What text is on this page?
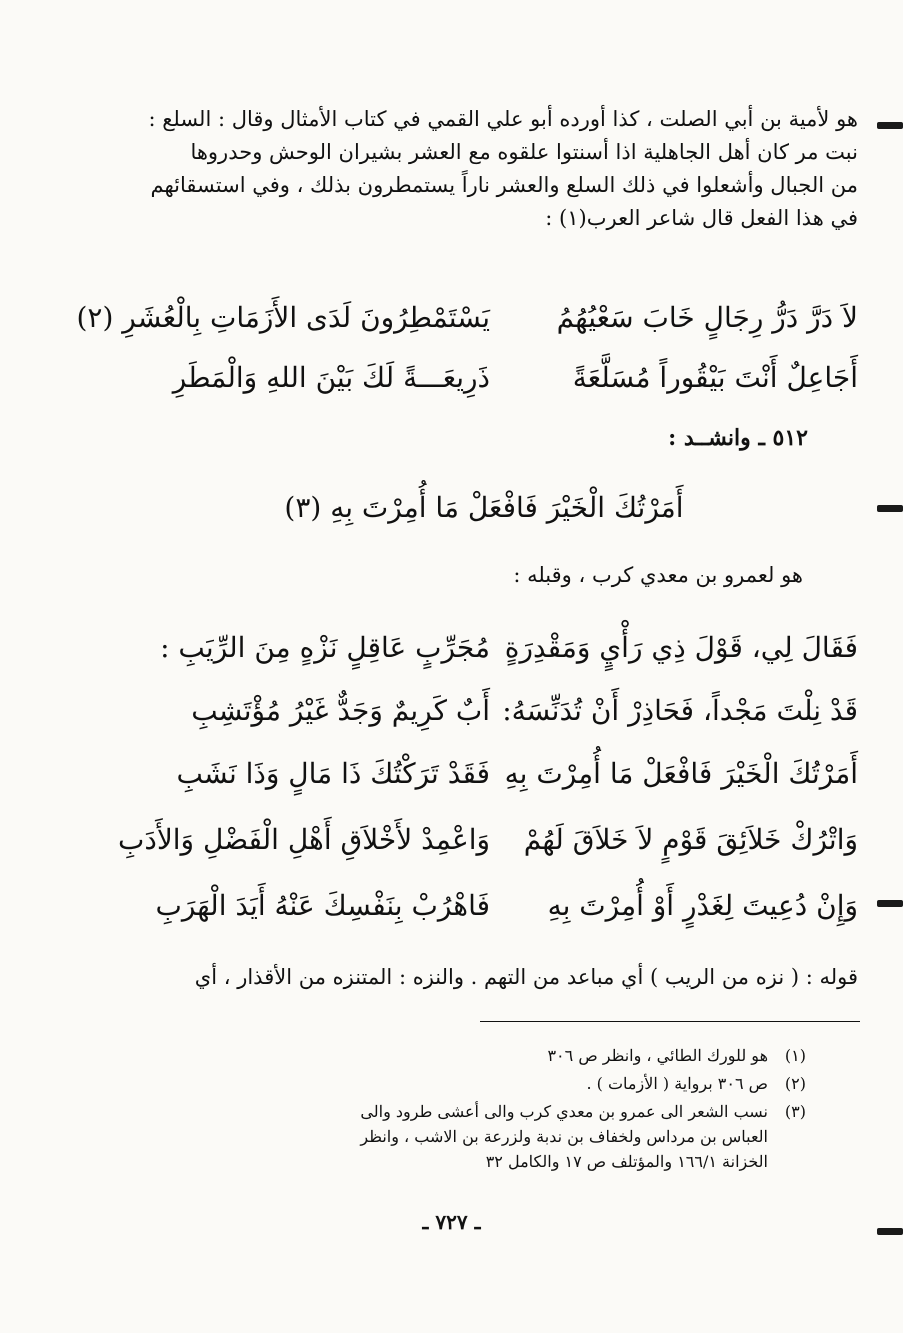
هو لأمية بن أبي الصلت ، كذا أورده أبو علي القمي في كتاب الأمثال وقال : السلع :
نبت مر كان أهل الجاهلية اذا أسنتوا علقوه مع العشر بشيران الوحش وحدروها
من الجبال وأشعلوا في ذلك السلع والعشر ناراً يستمطرون بذلك ، وفي استسقائهم
في هذا الفعل قال شاعر العرب(١) :
لاَ دَرَّ دَرُّ رِجَالٍ خَابَ سَعْيُهُمُ
يَسْتَمْطِرُونَ لَدَى الأَزَمَاتِ بِالْعُشَرِ (٢)
أَجَاعِلٌ أَنْتَ بَيْقُوراً مُسَلَّعَةً
ذَرِيعَـــةً لَكَ بَيْنَ اللهِ وَالْمَطَرِ
٥١٢ ـ وانشــد :
أَمَرْتُكَ الْخَيْرَ فَافْعَلْ مَا أُمِرْتَ بِهِ (٣)
هو لعمرو بن معدي كرب ، وقبله :
فَقَالَ لِي، قَوْلَ ذِي رَأْيٍ وَمَقْدِرَةٍ
مُجَرِّبٍ عَاقِلٍ نَزْهٍ مِنَ الرِّيَبِ :
قَدْ نِلْتَ مَجْداً، فَحَاذِرْ أَنْ تُدَنِّسَهُ:
أَبٌ كَرِيمٌ وَجَدٌّ غَيْرُ مُؤْتَشِبِ
أَمَرْتُكَ الْخَيْرَ فَافْعَلْ مَا أُمِرْتَ بِهِ
فَقَدْ تَرَكْتُكَ ذَا مَالٍ وَذَا نَشَبِ
وَاتْرُكْ خَلاَئِقَ قَوْمٍ لاَ خَلاَقَ لَهُمْ
وَاعْمِدْ لأَخْلاَقِ أَهْلِ الْفَضْلِ وَالأَدَبِ
وَإِنْ دُعِيتَ لِغَدْرٍ أَوْ أُمِرْتَ بِهِ
فَاهْرُبْ بِنَفْسِكَ عَنْهُ أَيَدَ الْهَرَبِ
قوله : ( نزه من الريب ) أي مباعد من التهم . والنزه : المتنزه من الأقذار ، أي
(١)
هو للورك الطائي ، وانظر ص ٣٠٦
(٢)
ص ٣٠٦ برواية ( الأزمات ) .
(٣)
نسب الشعر الى عمرو بن معدي كرب والى أعشى طرود والى
العباس بن مرداس ولخفاف بن ندبة ولزرعة بن الاشب ، وانظر
الخزانة ١٦٦/١ والمؤتلف ص ١٧ والكامل ٣٢
ـ ٧٢٧ ـ
